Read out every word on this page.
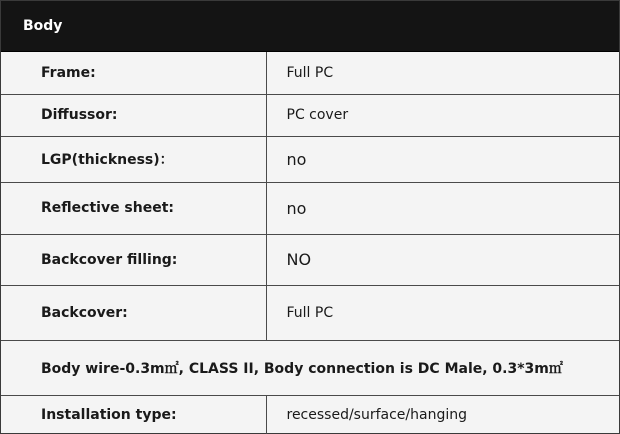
Body
Frame:	Full PC
Diffussor:	PC cover
LGP(thickness)：	no
Reflective sheet:	no
Backcover filling:	NO
Backcover:	Full PC
Body wire-0.3m㎡, CLASS II, Body connection is DC Male, 0.3*3m㎡	
Installation type:	recessed/surface/hanging
